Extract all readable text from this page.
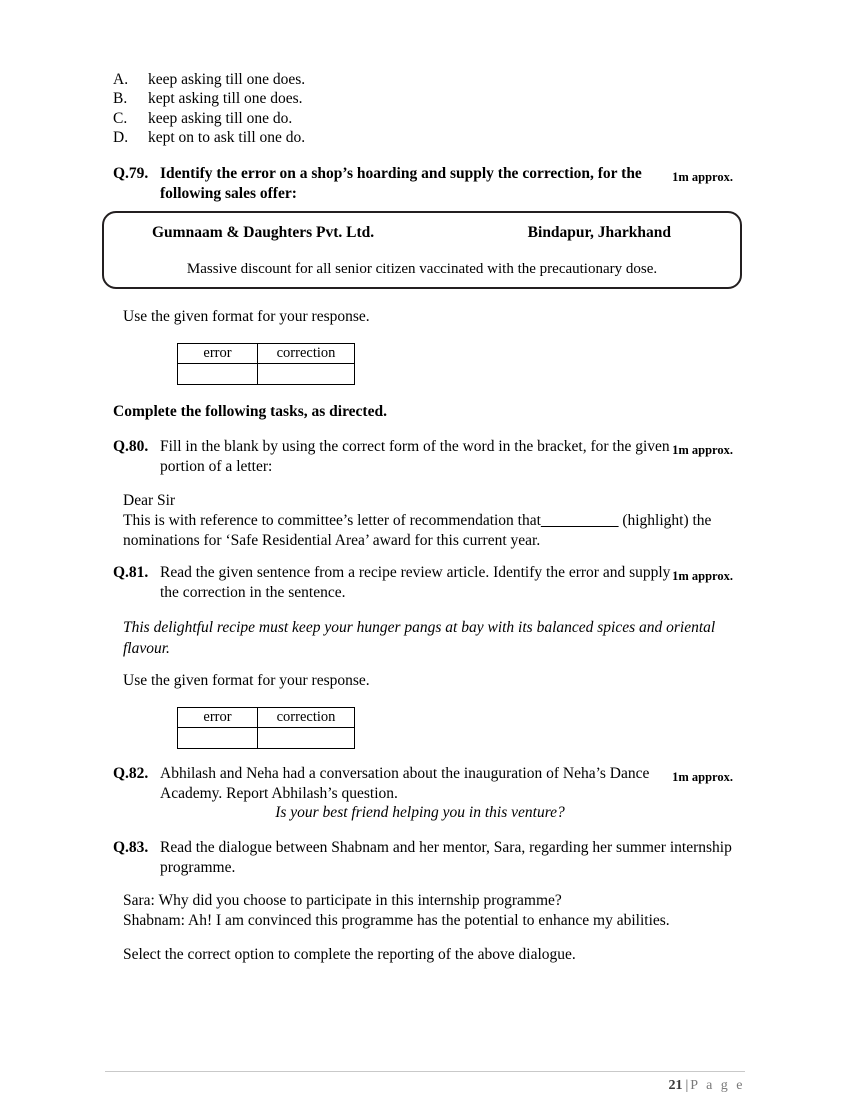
A.	keep asking till one does.
B.	kept asking till one does.
C.	keep asking till one do.
D.	kept on to ask till one do.
Q.79.	1m approx.
Identify the error on a shop’s hoarding and supply the correction, for the following sales offer:
Gumnaam & Daughters Pvt. Ltd.	Bindapur, Jharkhand
Massive discount for all senior citizen vaccinated with the precautionary dose.
Use the given format for your response.
error	correction

Complete the following tasks, as directed.
Q.80.	1m approx.
Fill in the blank by using the correct form of the word in the bracket, for the given portion of a letter:
Dear Sir
This is with reference to committee’s letter of recommendation that__________ (highlight) the nominations for ‘Safe Residential Area’ award for this current year.
Q.81.	1m approx.
Read the given sentence from a recipe review article. Identify the error and supply the correction in the sentence.
This delightful recipe must keep your hunger pangs at bay with its balanced spices and oriental flavour.
Use the given format for your response.
error	correction

Q.82.	1m approx.
Abhilash and Neha had a conversation about the inauguration of Neha’s Dance Academy. Report Abhilash’s question.
Is your best friend helping you in this venture?
Q.83. Read the dialogue between Shabnam and her mentor, Sara, regarding her summer internship programme.
Sara: Why did you choose to participate in this internship programme?
Shabnam: Ah! I am convinced this programme has the potential to enhance my abilities.
Select the correct option to complete the reporting of the above dialogue.
21 | P a g e
